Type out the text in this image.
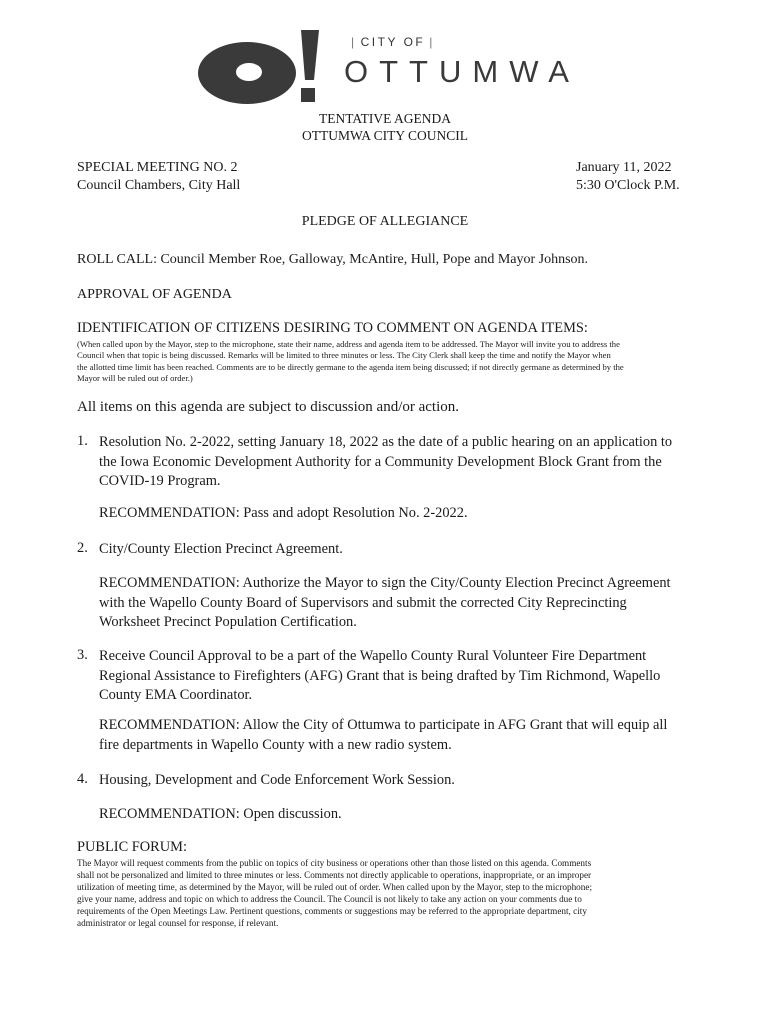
| CITY OF |
OTTUMWA
TENTATIVE AGENDA
OTTUMWA CITY COUNCIL
SPECIAL MEETING NO. 2
Council Chambers, City Hall
January 11, 2022
5:30 O'Clock P.M.
PLEDGE OF ALLEGIANCE
ROLL CALL: Council Member Roe, Galloway, McAntire, Hull, Pope and Mayor Johnson.
APPROVAL OF AGENDA
IDENTIFICATION OF CITIZENS DESIRING TO COMMENT ON AGENDA ITEMS:
(When called upon by the Mayor, step to the microphone, state their name, address and agenda item to be addressed. The Mayor will invite you to address the
Council when that topic is being discussed. Remarks will be limited to three minutes or less. The City Clerk shall keep the time and notify the Mayor when
the allotted time limit has been reached. Comments are to be directly germane to the agenda item being discussed; if not directly germane as determined by the
Mayor will be ruled out of order.)
All items on this agenda are subject to discussion and/or action.
1. Resolution No. 2-2022, setting January 18, 2022 as the date of a public hearing on an application to
the Iowa Economic Development Authority for a Community Development Block Grant from the
COVID-19 Program.
RECOMMENDATION: Pass and adopt Resolution No. 2-2022.
2. City/County Election Precinct Agreement.
RECOMMENDATION: Authorize the Mayor to sign the City/County Election Precinct Agreement
with the Wapello County Board of Supervisors and submit the corrected City Reprecincting
Worksheet Precinct Population Certification.
3. Receive Council Approval to be a part of the Wapello County Rural Volunteer Fire Department
Regional Assistance to Firefighters (AFG) Grant that is being drafted by Tim Richmond, Wapello
County EMA Coordinator.
RECOMMENDATION: Allow the City of Ottumwa to participate in AFG Grant that will equip all
fire departments in Wapello County with a new radio system.
4. Housing, Development and Code Enforcement Work Session.
RECOMMENDATION: Open discussion.
PUBLIC FORUM:
The Mayor will request comments from the public on topics of city business or operations other than those listed on this agenda. Comments
shall not be personalized and limited to three minutes or less. Comments not directly applicable to operations, inappropriate, or an improper
utilization of meeting time, as determined by the Mayor, will be ruled out of order. When called upon by the Mayor, step to the microphone;
give your name, address and topic on which to address the Council. The Council is not likely to take any action on your comments due to
requirements of the Open Meetings Law. Pertinent questions, comments or suggestions may be referred to the appropriate department, city
administrator or legal counsel for response, if relevant.
